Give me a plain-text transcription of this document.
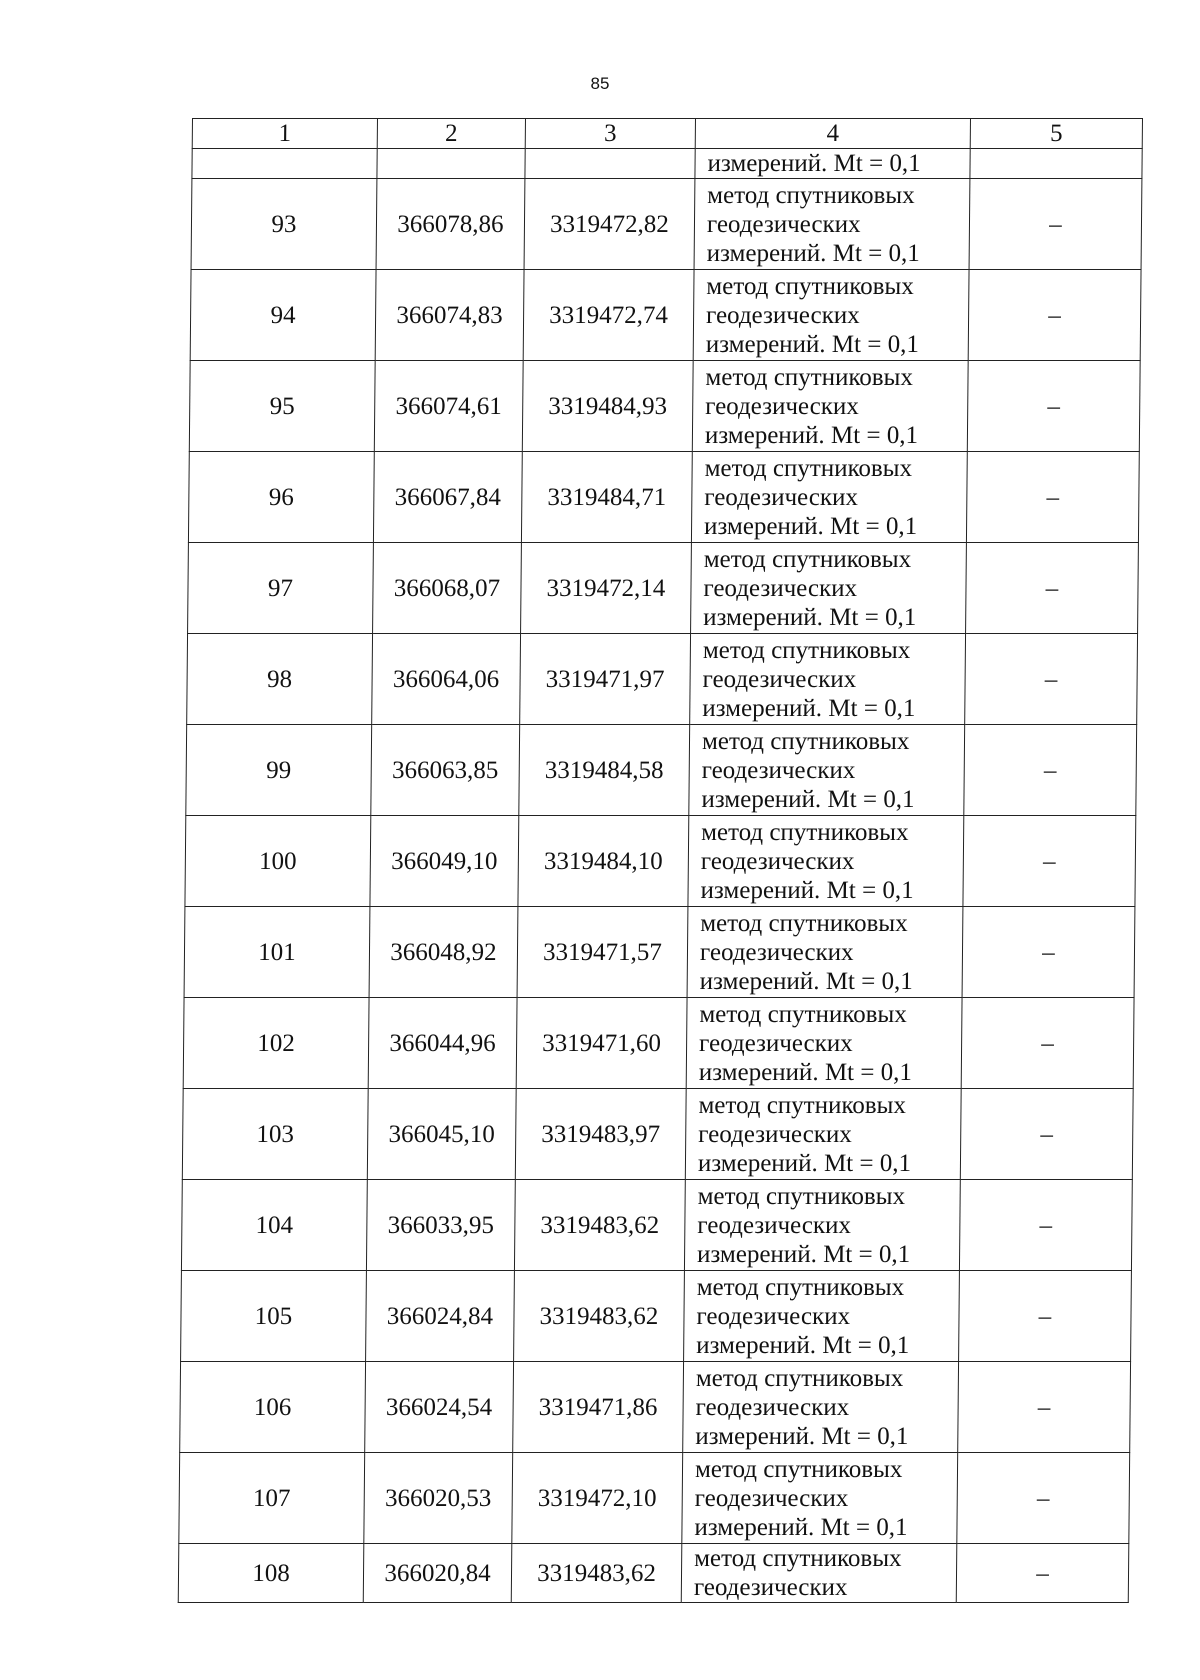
85
1	2	3	4	5
			измерений. Mt = 0,1	
93	366078,86	3319472,82	метод спутниковых
геодезических
измерений. Mt = 0,1	–
94	366074,83	3319472,74	метод спутниковых
геодезических
измерений. Mt = 0,1	–
95	366074,61	3319484,93	метод спутниковых
геодезических
измерений. Mt = 0,1	–
96	366067,84	3319484,71	метод спутниковых
геодезических
измерений. Mt = 0,1	–
97	366068,07	3319472,14	метод спутниковых
геодезических
измерений. Mt = 0,1	–
98	366064,06	3319471,97	метод спутниковых
геодезических
измерений. Mt = 0,1	–
99	366063,85	3319484,58	метод спутниковых
геодезических
измерений. Mt = 0,1	–
100	366049,10	3319484,10	метод спутниковых
геодезических
измерений. Mt = 0,1	–
101	366048,92	3319471,57	метод спутниковых
геодезических
измерений. Mt = 0,1	–
102	366044,96	3319471,60	метод спутниковых
геодезических
измерений. Mt = 0,1	–
103	366045,10	3319483,97	метод спутниковых
геодезических
измерений. Mt = 0,1	–
104	366033,95	3319483,62	метод спутниковых
геодезических
измерений. Mt = 0,1	–
105	366024,84	3319483,62	метод спутниковых
геодезических
измерений. Mt = 0,1	–
106	366024,54	3319471,86	метод спутниковых
геодезических
измерений. Mt = 0,1	–
107	366020,53	3319472,10	метод спутниковых
геодезических
измерений. Mt = 0,1	–
108	366020,84	3319483,62	метод спутниковых
геодезических	–
